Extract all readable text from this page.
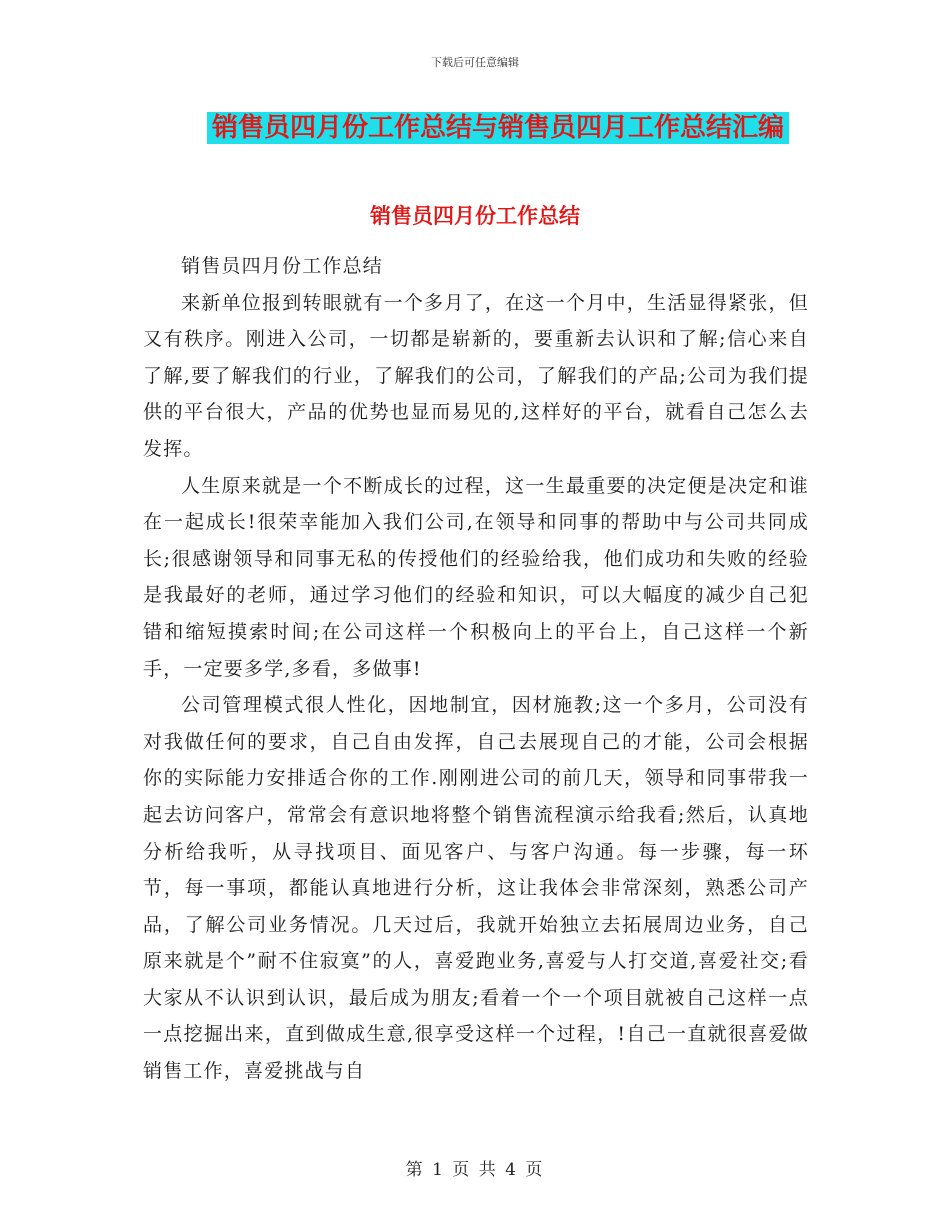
下载后可任意编辑
销售员四月份工作总结与销售员四月工作总结汇编
销售员四月份工作总结

销售员四月份工作总结

来新单位报到转眼就有一个多月了，在这一个月中，生活显得紧张，但又有秩序。刚进入公司，一切都是崭新的，要重新去认识和了解;信心来自了解,要了解我们的行业，了解我们的公司，了解我们的产品;公司为我们提供的平台很大，产品的优势也显而易见的,这样好的平台，就看自己怎么去发挥。

人生原来就是一个不断成长的过程，这一生最重要的决定便是决定和谁在一起成长!很荣幸能加入我们公司,在领导和同事的帮助中与公司共同成长;很感谢领导和同事无私的传授他们的经验给我，他们成功和失败的经验是我最好的老师，通过学习他们的经验和知识，可以大幅度的减少自己犯错和缩短摸索时间;在公司这样一个积极向上的平台上，自己这样一个新手，一定要多学,多看，多做事!

公司管理模式很人性化，因地制宜，因材施教;这一个多月，公司没有对我做任何的要求，自己自由发挥，自己去展现自己的才能，公司会根据你的实际能力安排适合你的工作.刚刚进公司的前几天，领导和同事带我一起去访问客户，常常会有意识地将整个销售流程演示给我看;然后，认真地分析给我听，从寻找项目、面见客户、与客户沟通。每一步骤，每一环节，每一事项，都能认真地进行分析，这让我体会非常深刻，熟悉公司产品，了解公司业务情况。几天过后，我就开始独立去拓展周边业务，自己原来就是个”耐不住寂寞”的人，喜爱跑业务,喜爱与人打交道,喜爱社交;看大家从不认识到认识，最后成为朋友;看着一个一个项目就被自己这样一点一点挖掘出来，直到做成生意,很享受这样一个过程，!自己一直就很喜爱做销售工作，喜爱挑战与自

第 1 页 共 4 页
